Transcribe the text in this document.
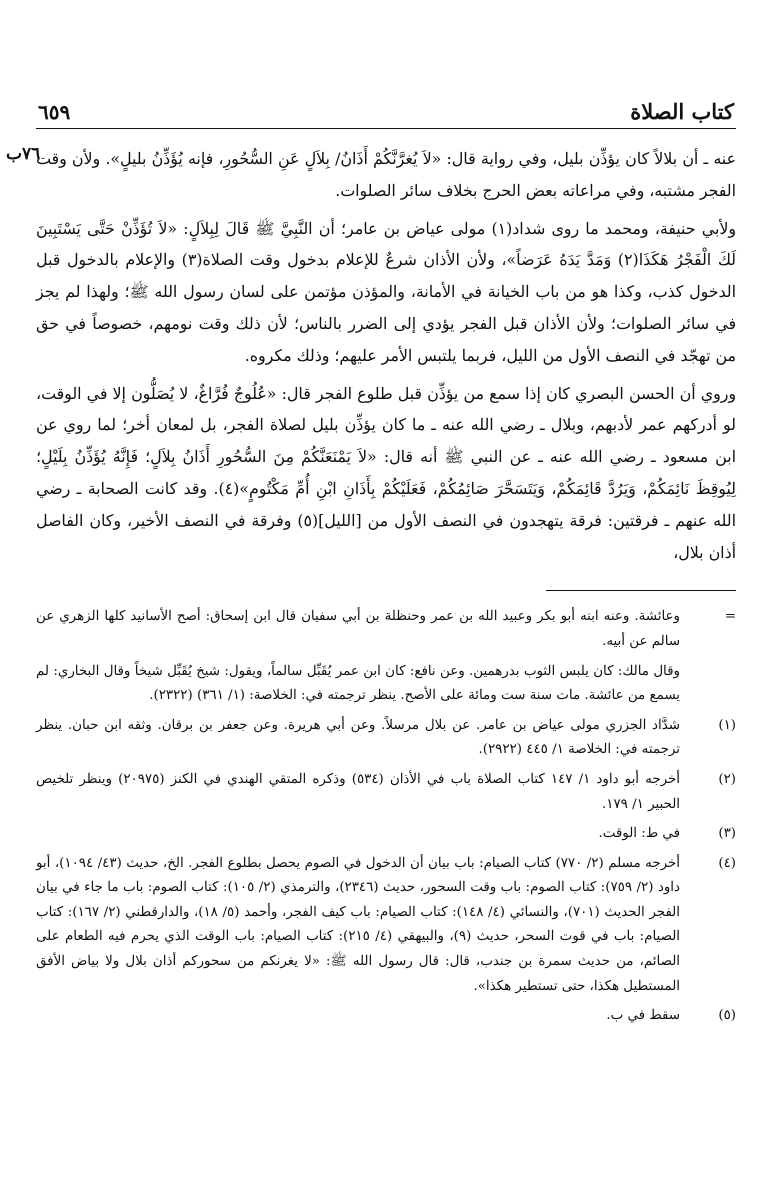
كتاب الصلاة
٦٥٩
٧٦ب

عنه ـ أن بلالاً كان يؤذِّن بليل، وفي رواية قال: «لاَ يُغرَّنَّكُمْ أَذَانُ/ بِلاَلٍ عَنِ السُّحُورِ، فإنه يُؤَذِّنُ بليلٍ». ولأن وقت الفجر مشتبه، وفي مراعاته بعض الحرج بخلاف سائر الصلوات.

ولأبي حنيفة، ومحمد ما روى شداد(١) مولى عياض بن عامر؛ أن النَّبِيَّ ﷺ قَالَ لِبِلاَلٍ: «لاَ تُؤَذِّنْ حَتَّى يَسْتَبِينَ لَكَ الْفَجْرُ هَكَذَا(٢) وَمَدَّ يَدَهُ عَرَضاً»، ولأن الأذان شرعٌ للإعلام بدخول وقت الصلاة(٣) والإعلام بالدخول قبل الدخول كذب، وكذا هو من باب الخيانة في الأمانة، والمؤذن مؤتمن على لسان رسول الله ﷺ؛ ولهذا لم يجز في سائر الصلوات؛ ولأن الأذان قبل الفجر يؤدي إلى الضرر بالناس؛ لأن ذلك وقت نومهم، خصوصاً في حق من تهجّد في النصف الأول من الليل، فربما يلتبس الأمر عليهم؛ وذلك مكروه.

وروي أن الحسن البصري كان إذا سمع من يؤذِّن قبل طلوع الفجر قال: «عُلُوجٌ فُرَّاغٌ، لا يُصَلُّون إلا في الوقت، لو أدركهم عمر لأدبهم، وبلال ـ رضي الله عنه ـ ما كان يؤذِّن بليل لصلاة الفجر، بل لمعان أخر؛ لما روي عن ابن مسعود ـ رضي الله عنه ـ عن النبي ﷺ أنه قال: «لاَ يَمْنَعَنَّكُمْ مِنَ السُّحُورِ أَذَانُ بِلاَلٍ؛ فَإِنَّهُ يُؤَذِّنُ بِلَيْلٍ؛ لِيُوقِظَ نَائِمَكُمْ، وَيَرُدَّ قَائِمَكُمْ، وَيَتَسَحَّرَ صَائِمُكُمْ، فَعَلَيْكُمْ بِأَذَانِ ابْنِ أُمِّ مَكْتُومٍ»(٤). وقد كانت الصحابة ـ رضي الله عنهم ـ فرقتين: فرقة يتهجدون في النصف الأول من [الليل](٥) وفرقة في النصف الأخير، وكان الفاصل أذان بلال،

=
وعائشة. وعنه ابنه أبو بكر وعبيد الله بن عمر وحنظلة بن أبي سفيان قال ابن إسحاق: أصح الأسانيد كلها الزهري عن سالم عن أبيه.

وقال مالك: كان يلبس الثوب بدرهمين. وعن نافع: كان ابن عمر يُقَبِّل سالماً، ويقول: شيخ يُقَبِّل شيخاً وقال البخاري: لم يسمع من عائشة. مات سنة ست ومائة على الأصح. ينظر ترجمته في: الخلاصة: (١/ ٣٦١) (٢٣٢٢).

(١)
شدَّاد الجزري مولى عياض بن عامر. عن بلال مرسلاً. وعن أبي هريرة. وعن جعفر بن برقان. وثقه ابن حبان. ينظر ترجمته في: الخلاصة ١/ ٤٤٥ (٢٩٢٢).

(٢)
أخرجه أبو داود ١/ ١٤٧ كتاب الصلاة باب في الأذان (٥٣٤) وذكره المتقي الهندي في الكنز (٢٠٩٧٥) وينظر تلخيص الحبير ١/ ١٧٩.

(٣)
في ط: الوقت.

(٤)
أخرجه مسلم (٢/ ٧٧٠) كتاب الصيام: باب بيان أن الدخول في الصوم يحصل بطلوع الفجر. الخ، حديث (٤٣/ ١٠٩٤)، أبو داود (٢/ ٧٥٩): كتاب الصوم: باب وقت السحور، حديث (٢٣٤٦)، والترمذي (٢/ ١٠٥): كتاب الصوم: باب ما جاء في بيان الفجر الحديث (٧٠١)، والنسائي (٤/ ١٤٨): كتاب الصيام: باب كيف الفجر، وأحمد (٥/ ١٨)، والدارقطني (٢/ ١٦٧): كتاب الصيام: باب في قوت السحر، حديث (٩)، والبيهقي (٤/ ٢١٥): كتاب الصيام: باب الوقت الذي يحرم فيه الطعام على الصائم، من حديث سمرة بن جندب، قال: قال رسول الله ﷺ: «لا يغرنكم من سحوركم أذان بلال ولا بياض الأفق المستطيل هكذا، حتى تستطير هكذا».

(٥)
سقط في ب.
